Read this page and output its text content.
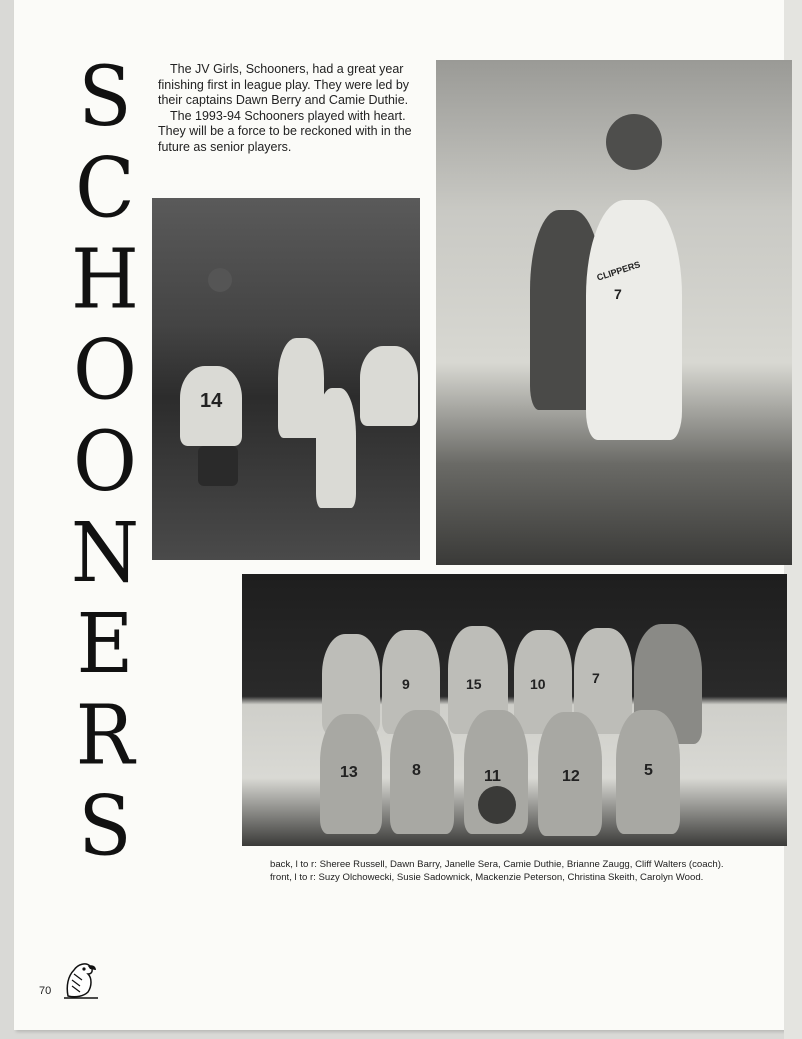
S
C
H
O
O
N
E
R
S

The JV Girls, Schooners, had a great year finishing first in league play. They were led by their captains Dawn Berry and Camie Duthie.

The 1993-94 Schooners played with heart. They will be a force to be reckoned with in the future as senior players.

14
7
CLIPPERS
9	15	10	7
13	8	11	12	5
back, l to r: Sheree Russell, Dawn Barry, Janelle Sera, Camie Duthie, Brianne Zaugg, Cliff Walters (coach).
front, l to r: Suzy Olchowecki, Susie Sadownick, Mackenzie Peterson, Christina Skeith, Carolyn Wood.
70
